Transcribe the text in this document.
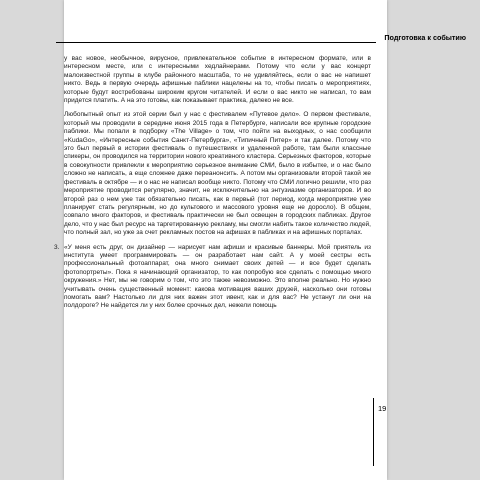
Подготовка к событию

у вас новое, необычное, вирусное, привлекательное событие в интересном формате, или в интересном месте, или с интересными хедлайнерами. Потому что если у вас концерт малоизвестной группы в клубе районного масштаба, то не удивляйтесь, если о вас не напишет никто. Ведь в первую очередь афишные паблики нацелены на то, чтобы писать о мероприятиях, которые будут востребованы широким кругом читателей. И если о вас никто не написал, то вам придется платить. А на это готовы, как показывает практика, далеко не все.

Любопытный опыт из этой серии был у нас с фестивалем «Путевое дело». О первом фестивале, который мы проводили в середине июня 2015 года в Петербурге, написали все крупные городские паблики. Мы попали в подборку «The Village» о том, что пойти на выходных, о нас сообщили «KudaGo», «Интересные события Санкт-Петербурга», «Типичный Питер» и так далее. Потому что это был первый в истории фестиваль о путешествиях и удаленной работе, там были классные спикеры, он проводился на территории нового креативного кластера. Серьезных факторов, которые в совокупности привлекли к мероприятию серьезное внимание СМИ, было в избытке, и о нас было сложно не написать, а еще сложнее даже переанонсить. А потом мы организовали второй такой же фестиваль в октябре — и о нас не написал вообще никто. Потому что СМИ логично решили, что раз мероприятие проводится регулярно, значит, не исключительно на энтузиазме организаторов. И во второй раз о нем уже так обязательно писать, как в первый (тот период, когда мероприятие уже планирует стать регулярным, но до культового и массового уровня еще не доросло). В общем, совпало много факторов, и фестиваль практически не был освещен в городских пабликах. Другое дело, что у нас был ресурс на таргетированную рекламу, мы смогли набить такое количество людей, что полный зал, но уже за счет рекламных постов на афишах в пабликах и на афишных порталах.

3. «У меня есть друг, он дизайнер — нарисует нам афиши и красивые баннеры. Мой приятель из института умеет программировать — он разработает нам сайт. А у моей сестры есть профессиональный фотоаппарат, она много снимает своих детей — и все будет сделать фотопортреты». Пока я начинающий организатор, то как попробую все сделать с помощью много окружения.» Нет, мы не говорим о том, что это также невозможно. Это вполне реально. Но нужно учитывать очень существенный момент: какова мотивация ваших друзей, насколько они готовы помогать вам? Настолько ли для них важен этот ивент, как и для вас? Не устанут ли они на полдороге? Не найдется ли у них более срочных дел, нежели помощь

19
